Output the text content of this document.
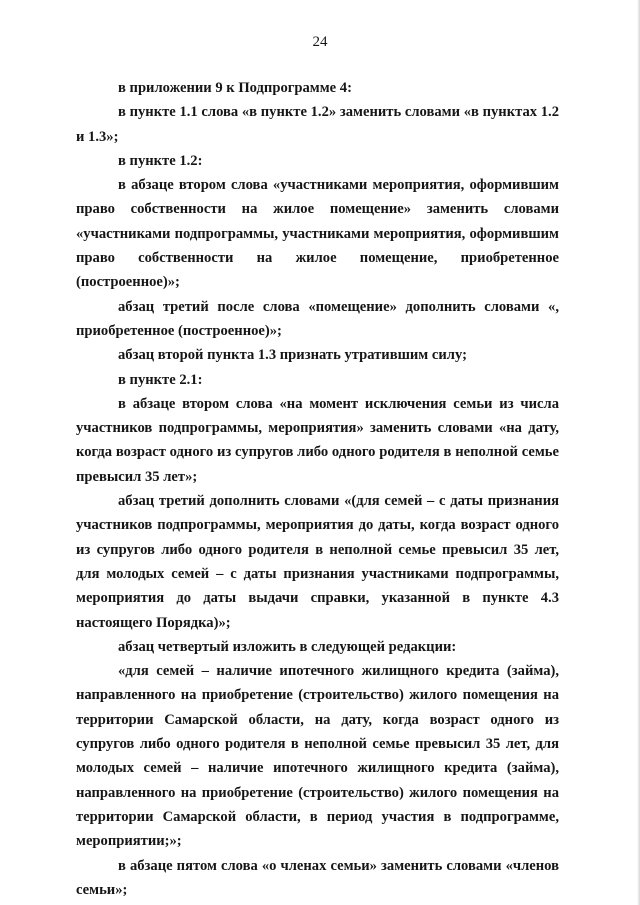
24

в приложении 9 к Подпрограмме 4:

в пункте 1.1 слова «в пункте 1.2» заменить словами «в пунктах 1.2 и 1.3»;

в пункте 1.2:

в абзаце втором слова «участниками мероприятия, оформившим право собственности на жилое помещение» заменить словами «участниками подпрограммы, участниками мероприятия, оформившим право собственности на жилое помещение, приобретенное (построенное)»;

абзац третий после слова «помещение» дополнить словами «, приобретенное (построенное)»;

абзац второй пункта 1.3 признать утратившим силу;

в пункте 2.1:

в абзаце втором слова «на момент исключения семьи из числа участников подпрограммы, мероприятия» заменить словами «на дату, когда возраст одного из супругов либо одного родителя в неполной семье превысил 35 лет»;

абзац третий дополнить словами «(для семей – с даты признания участников подпрограммы, мероприятия до даты, когда возраст одного из супругов либо одного родителя в неполной семье превысил 35 лет, для молодых семей – с даты признания участниками подпрограммы, мероприятия до даты выдачи справки, указанной в пункте 4.3 настоящего Порядка)»;

абзац четвертый изложить в следующей редакции:

«для семей – наличие ипотечного жилищного кредита (займа), направленного на приобретение (строительство) жилого помещения на территории Самарской области, на дату, когда возраст одного из супругов либо одного родителя в неполной семье превысил 35 лет, для молодых семей – наличие ипотечного жилищного кредита (займа), направленного на приобретение (строительство) жилого помещения на территории Самарской области, в период участия в подпрограмме, мероприятии;»;

в абзаце пятом слова «о членах семьи» заменить словами «членов семьи»;
